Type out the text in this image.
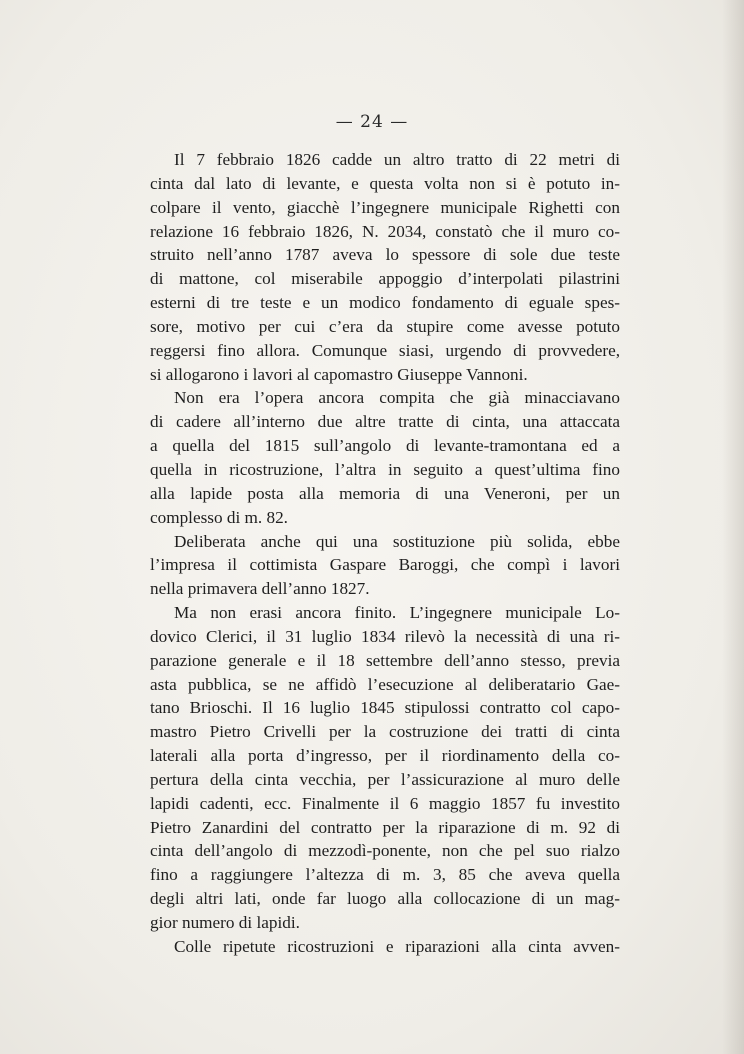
— 24 —
Il 7 febbraio 1826 cadde un altro tratto di 22 metri di
cinta dal lato di levante, e questa volta non si è potuto in-
colpare il vento, giacchè l’ingegnere municipale Righetti con
relazione 16 febbraio 1826, N. 2034, constatò che il muro co-
struito nell’anno 1787 aveva lo spessore di sole due teste
di mattone, col miserabile appoggio d’interpolati pilastrini
esterni di tre teste e un modico fondamento di eguale spes-
sore, motivo per cui c’era da stupire come avesse potuto
reggersi fino allora. Comunque siasi, urgendo di provvedere,
si allogarono i lavori al capomastro Giuseppe Vannoni.
Non era l’opera ancora compita che già minacciavano
di cadere all’interno due altre tratte di cinta, una attaccata
a quella del 1815 sull’angolo di levante-tramontana ed a
quella in ricostruzione, l’altra in seguito a quest’ultima fino
alla lapide posta alla memoria di una Veneroni, per un
complesso di m. 82.
Deliberata anche qui una sostituzione più solida, ebbe
l’impresa il cottimista Gaspare Baroggi, che compì i lavori
nella primavera dell’anno 1827.
Ma non erasi ancora finito. L’ingegnere municipale Lo-
dovico Clerici, il 31 luglio 1834 rilevò la necessità di una ri-
parazione generale e il 18 settembre dell’anno stesso, previa
asta pubblica, se ne affidò l’esecuzione al deliberatario Gae-
tano Brioschi. Il 16 luglio 1845 stipulossi contratto col capo-
mastro Pietro Crivelli per la costruzione dei tratti di cinta
laterali alla porta d’ingresso, per il riordinamento della co-
pertura della cinta vecchia, per l’assicurazione al muro delle
lapidi cadenti, ecc. Finalmente il 6 maggio 1857 fu investito
Pietro Zanardini del contratto per la riparazione di m. 92 di
cinta dell’angolo di mezzodì-ponente, non che pel suo rialzo
fino a raggiungere l’altezza di m. 3, 85 che aveva quella
degli altri lati, onde far luogo alla collocazione di un mag-
gior numero di lapidi.
Colle ripetute ricostruzioni e riparazioni alla cinta avven-
